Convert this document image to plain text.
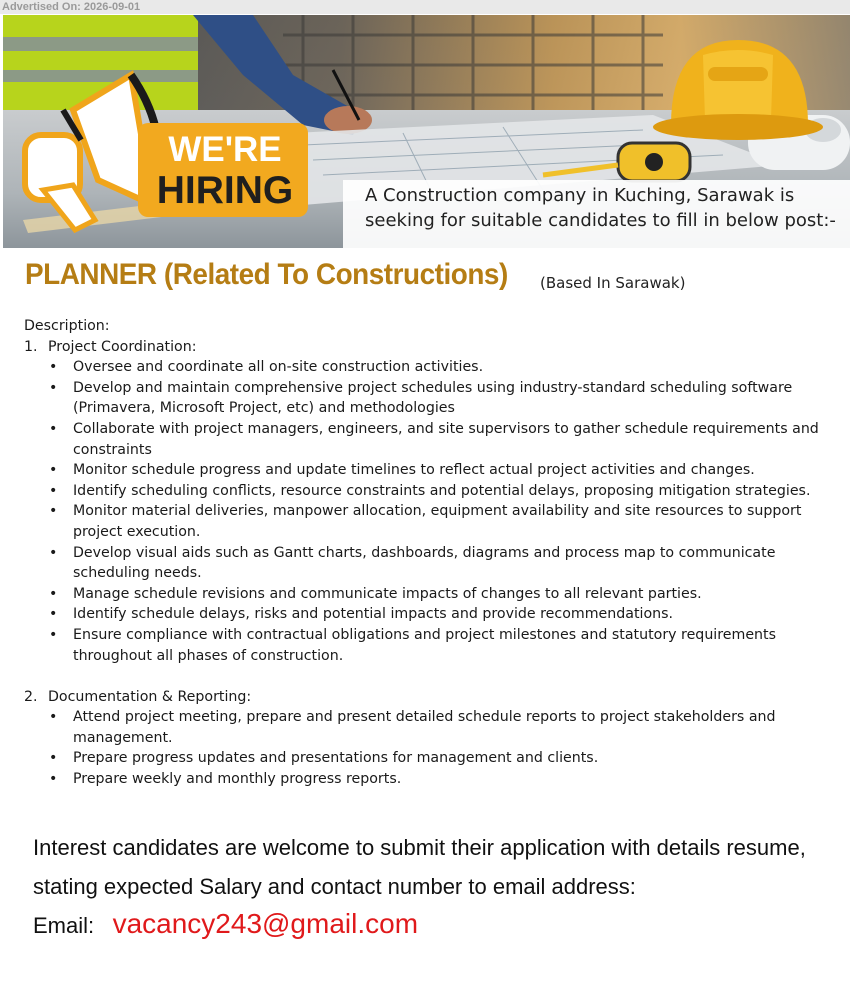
Advertised On: 2026-09-01
WE'RE
HIRING	A Construction company in Kuching, Sarawak is
seeking for suitable candidates to fill in below post:-
PLANNER (Related To Constructions)	(Based In Sarawak)

Description:

1. Project Coordination:
• Oversee and coordinate all on-site construction activities.
• Develop and maintain comprehensive project schedules using industry-standard scheduling software (Primavera, Microsoft Project, etc) and methodologies
• Collaborate with project managers, engineers, and site supervisors to gather schedule requirements and constraints
• Monitor schedule progress and update timelines to reflect actual project activities and changes.
• Identify scheduling conflicts, resource constraints and potential delays, proposing mitigation strategies.
• Monitor material deliveries, manpower allocation, equipment availability and site resources to support project execution.
• Develop visual aids such as Gantt charts, dashboards, diagrams and process map to communicate scheduling needs.
• Manage schedule revisions and communicate impacts of changes to all relevant parties.
• Identify schedule delays, risks and potential impacts and provide recommendations.
• Ensure compliance with contractual obligations and project milestones and statutory requirements throughout all phases of construction.
2. Documentation & Reporting:
• Attend project meeting, prepare and present detailed schedule reports to project stakeholders and management.
• Prepare progress updates and presentations for management and clients.
• Prepare weekly and monthly progress reports.
Interest candidates are welcome to submit their application with details resume,
stating expected Salary and contact number to email address:
Email: vacancy243@gmail.com
